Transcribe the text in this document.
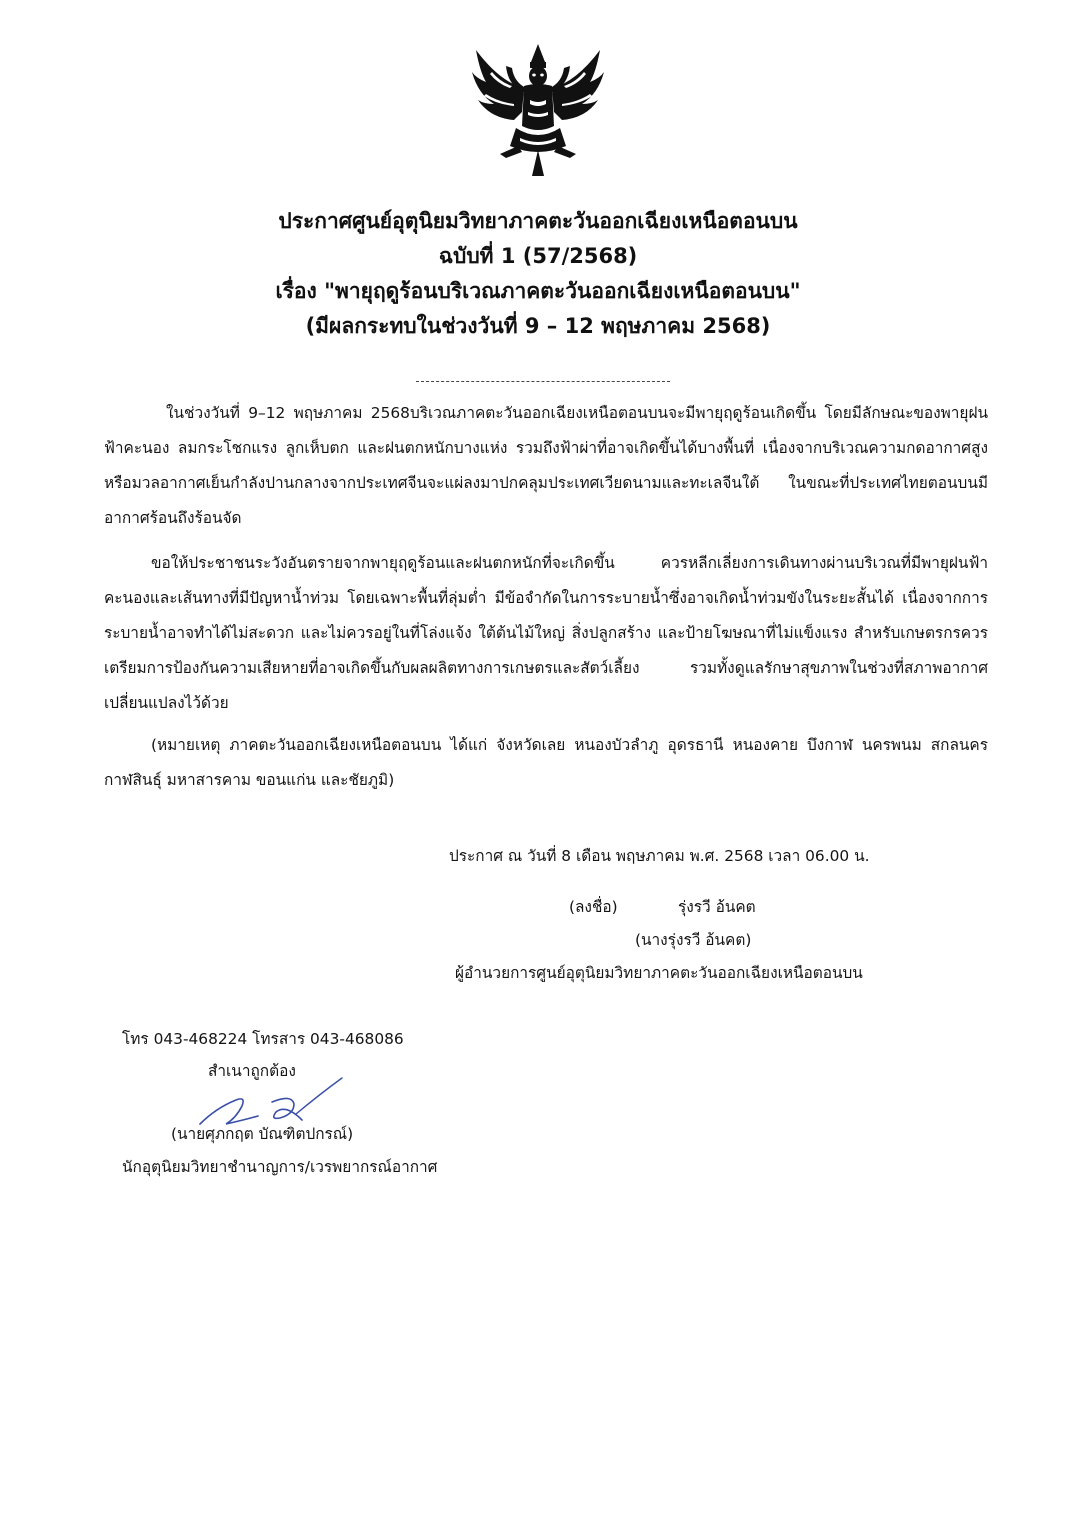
ประกาศศูนย์อุตุนิยมวิทยาภาคตะวันออกเฉียงเหนือตอนบน
ฉบับที่ 1 (57/2568)
เรื่อง "พายุฤดูร้อนบริเวณภาคตะวันออกเฉียงเหนือตอนบน"
(มีผลกระทบในช่วงวันที่ 9 – 12 พฤษภาคม 2568)
ในช่วงวันที่ 9–12 พฤษภาคม 2568บริเวณภาคตะวันออกเฉียงเหนือตอนบนจะมีพายุฤดูร้อนเกิดขึ้น โดยมีลักษณะของพายุฝนฟ้าคะนอง ลมกระโชกแรง ลูกเห็บตก และฝนตกหนักบางแห่ง รวมถึงฟ้าผ่าที่อาจเกิดขึ้นได้บางพื้นที่ เนื่องจากบริเวณความกดอากาศสูงหรือมวลอากาศเย็นกำลังปานกลางจากประเทศจีนจะแผ่ลงมาปกคลุมประเทศเวียดนามและทะเลจีนใต้ ในขณะที่ประเทศไทยตอนบนมีอากาศร้อนถึงร้อนจัด
ขอให้ประชาชนระวังอันตรายจากพายุฤดูร้อนและฝนตกหนักที่จะเกิดขึ้น ควรหลีกเลี่ยงการเดินทางผ่านบริเวณที่มีพายุฝนฟ้าคะนองและเส้นทางที่มีปัญหาน้ำท่วม โดยเฉพาะพื้นที่ลุ่มต่ำ มีข้อจำกัดในการระบายน้ำซึ่งอาจเกิดน้ำท่วมขังในระยะสั้นได้ เนื่องจากการระบายน้ำอาจทำได้ไม่สะดวก และไม่ควรอยู่ในที่โล่งแจ้ง ใต้ต้นไม้ใหญ่ สิ่งปลูกสร้าง และป้ายโฆษณาที่ไม่แข็งแรง สำหรับเกษตรกรควรเตรียมการป้องกันความเสียหายที่อาจเกิดขึ้นกับผลผลิตทางการเกษตรและสัตว์เลี้ยง รวมทั้งดูแลรักษาสุขภาพในช่วงที่สภาพอากาศเปลี่ยนแปลงไว้ด้วย
(หมายเหตุ ภาคตะวันออกเฉียงเหนือตอนบน ได้แก่ จังหวัดเลย หนองบัวลำภู อุดรธานี หนองคาย บึงกาฬ นครพนม สกลนคร กาฬสินธุ์ มหาสารคาม ขอนแก่น และชัยภูมิ)
ประกาศ ณ วันที่ 8 เดือน พฤษภาคม พ.ศ. 2568 เวลา 06.00 น.
(ลงชื่อ)	รุ่งรวี อ้นคต
(นางรุ่งรวี อ้นคต)
ผู้อำนวยการศูนย์อุตุนิยมวิทยาภาคตะวันออกเฉียงเหนือตอนบน
โทร 043-468224 โทรสาร 043-468086
สำเนาถูกต้อง
(นายศุภกฤต บัณฑิตปกรณ์)
นักอุตุนิยมวิทยาชำนาญการ/เวรพยากรณ์อากาศ
